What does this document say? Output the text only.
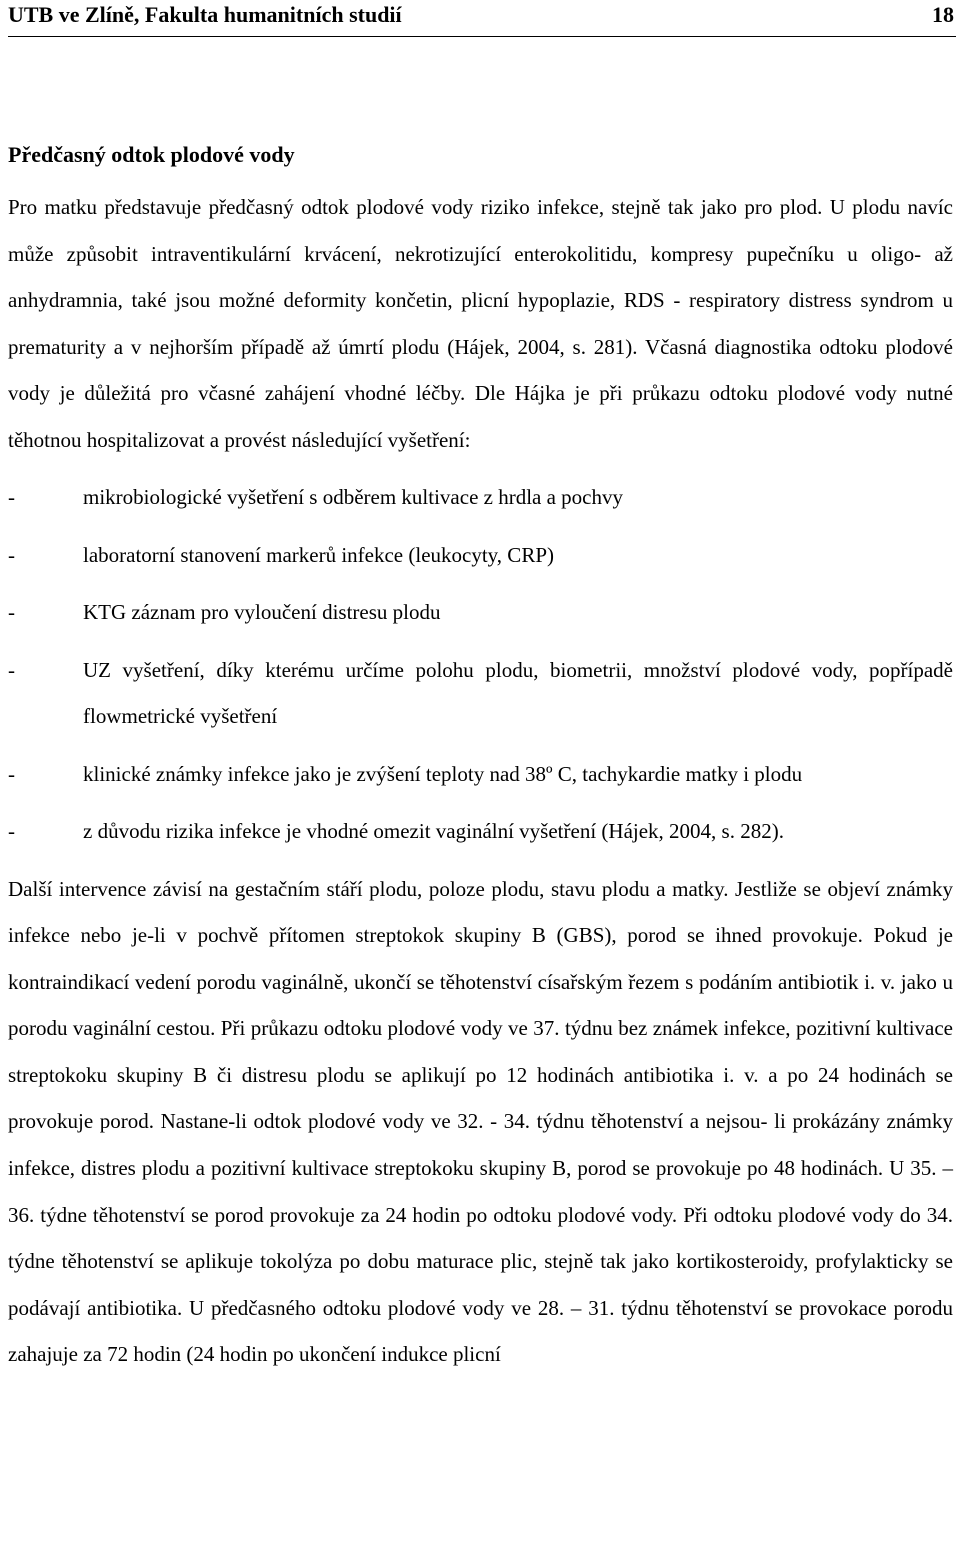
UTB ve Zlíně, Fakulta humanitních studií	18
Předčasný odtok plodové vody

Pro matku představuje předčasný odtok plodové vody riziko infekce, stejně tak jako pro plod. U plodu navíc může způsobit intraventikulární krvácení, nekrotizující enterokolitidu, kompresy pupečníku u oligo- až anhydramnia, také jsou možné deformity končetin, plicní hypoplazie, RDS - respiratory distress syndrom u prematurity a v nejhorším případě až úmrtí plodu (Hájek, 2004, s. 281). Včasná diagnostika odtoku plodové vody je důležitá pro včasné zahájení vhodné léčby. Dle Hájka je při průkazu odtoku plodové vody nutné těhotnou hospitalizovat a provést následující vyšetření:

-	mikrobiologické vyšetření s odběrem kultivace z hrdla a pochvy
-	laboratorní stanovení markerů infekce (leukocyty, CRP)
-	KTG záznam pro vyloučení distresu plodu
-	UZ vyšetření, díky kterému určíme polohu plodu, biometrii, množství plodové vody, popřípadě flowmetrické vyšetření
-	klinické známky infekce jako je zvýšení teploty nad 38º C, tachykardie matky i plodu
-	z důvodu rizika infekce je vhodné omezit vaginální vyšetření (Hájek, 2004, s. 282).

Další intervence závisí na gestačním stáří plodu, poloze plodu, stavu plodu a matky. Jestliže se objeví známky infekce nebo je-li v pochvě přítomen streptokok skupiny B (GBS), porod se ihned provokuje. Pokud je kontraindikací vedení porodu vaginálně, ukončí se těhotenství císařským řezem s podáním antibiotik i. v. jako u porodu vaginální cestou. Při průkazu odtoku plodové vody ve 37. týdnu bez známek infekce, pozitivní kultivace streptokoku skupiny B či distresu plodu se aplikují po 12 hodinách antibiotika i. v. a po 24 hodinách se provokuje porod. Nastane-li odtok plodové vody ve 32. - 34. týdnu těhotenství a nejsou- li prokázány známky infekce, distres plodu a pozitivní kultivace streptokoku skupiny B, porod se provokuje po 48 hodinách. U 35. – 36. týdne těhotenství se porod provokuje za 24 hodin po odtoku plodové vody. Při odtoku plodové vody do 34. týdne těhotenství se aplikuje tokolýza po dobu maturace plic, stejně tak jako kortikosteroidy, profylakticky se podávají antibiotika. U předčasného odtoku plodové vody ve 28. – 31. týdnu těhotenství se provokace porodu zahajuje za 72 hodin (24 hodin po ukončení indukce plicní
